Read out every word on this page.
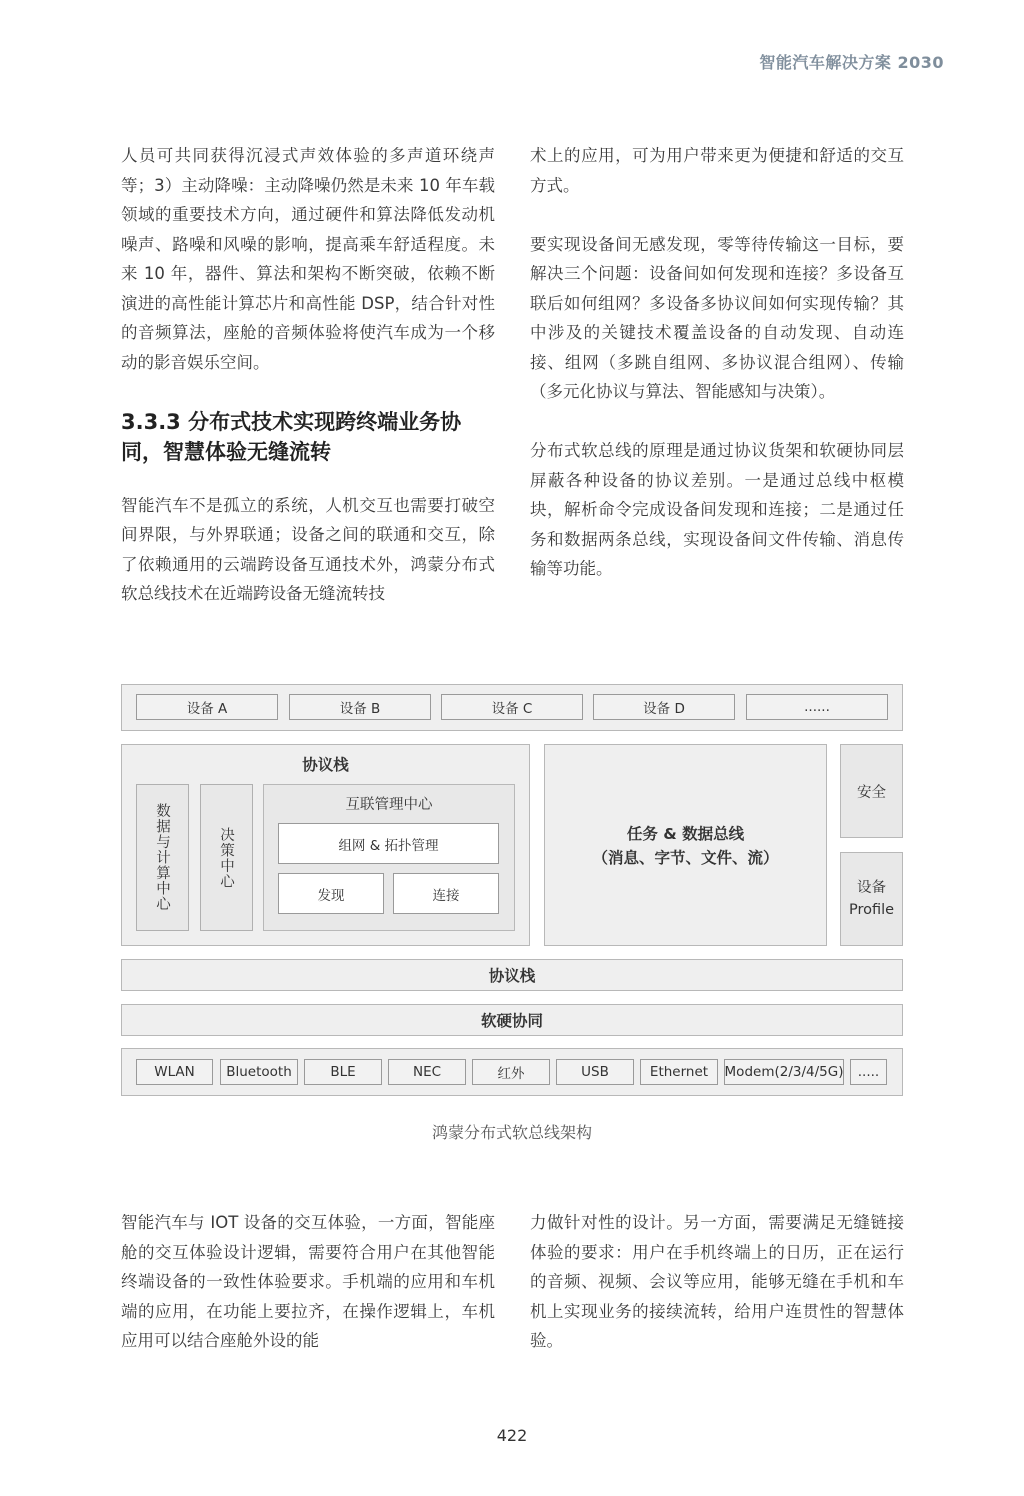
智能汽车解决方案 2030

人员可共同获得沉浸式声效体验的多声道环绕声等；3）主动降噪：主动降噪仍然是未来 10 年车载领域的重要技术方向，通过硬件和算法降低发动机噪声、路噪和风噪的影响，提高乘车舒适程度。未来 10 年，器件、算法和架构不断突破，依赖不断演进的高性能计算芯片和高性能 DSP，结合针对性的音频算法，座舱的音频体验将使汽车成为一个移动的影音娱乐空间。

3.3.3 分布式技术实现跨终端业务协同，智慧体验无缝流转

智能汽车不是孤立的系统，人机交互也需要打破空间界限，与外界联通；设备之间的联通和交互，除了依赖通用的云端跨设备互通技术外，鸿蒙分布式软总线技术在近端跨设备无缝流转技

术上的应用，可为用户带来更为便捷和舒适的交互方式。

要实现设备间无感发现，零等待传输这一目标，要解决三个问题：设备间如何发现和连接？多设备互联后如何组网？多设备多协议间如何实现传输？其中涉及的关键技术覆盖设备的自动发现、自动连接、组网（多跳自组网、多协议混合组网）、传输（多元化协议与算法、智能感知与决策）。

分布式软总线的原理是通过协议货架和软硬协同层屏蔽各种设备的协议差别。一是通过总线中枢模块，解析命令完成设备间发现和连接；二是通过任务和数据两条总线，实现设备间文件传输、消息传输等功能。

设备 A	设备 B	设备 C	设备 D	......
协议栈
数据与计算中心	决策中心
互联管理中心
组网 & 拓扑管理
发现	连接
任务 & 数据总线
（消息、字节、文件、流）
安全
设备
Profile
协议栈
软硬协同
WLAN	Bluetooth	BLE	NEC	红外	USB	Ethernet	Modem(2/3/4/5G)	.....
鸿蒙分布式软总线架构

智能汽车与 IOT 设备的交互体验，一方面，智能座舱的交互体验设计逻辑，需要符合用户在其他智能终端设备的一致性体验要求。手机端的应用和车机端的应用，在功能上要拉齐，在操作逻辑上，车机应用可以结合座舱外设的能

力做针对性的设计。另一方面，需要满足无缝链接体验的要求：用户在手机终端上的日历，正在运行的音频、视频、会议等应用，能够无缝在手机和车机上实现业务的接续流转，给用户连贯性的智慧体验。

422
